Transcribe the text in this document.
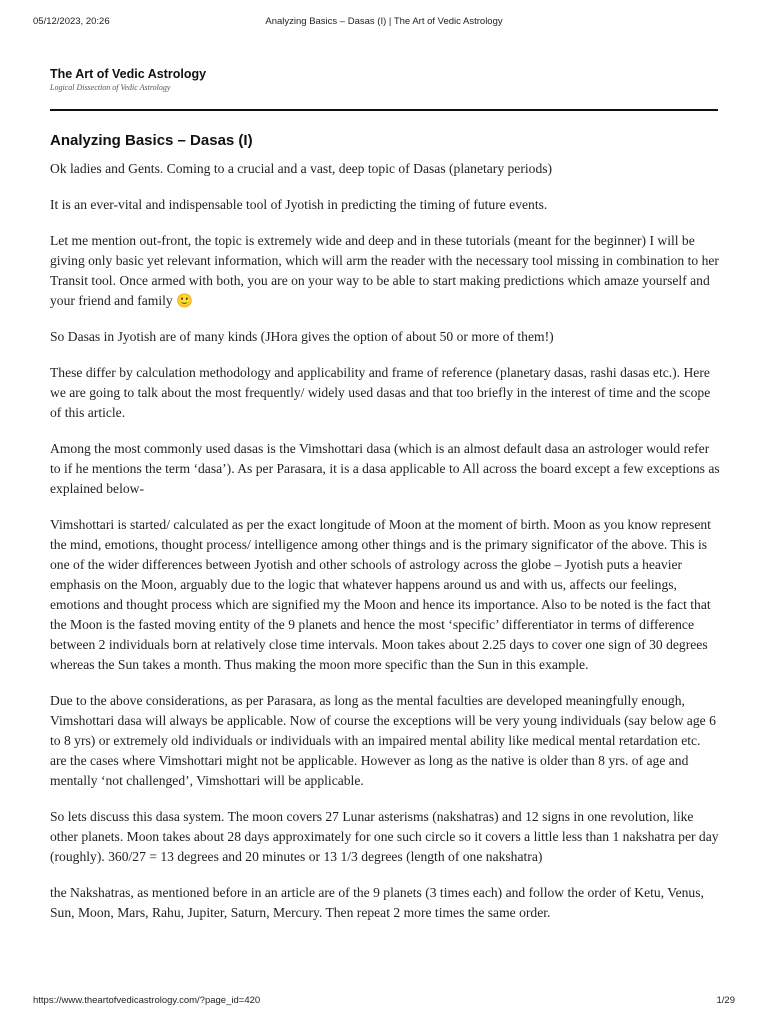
05/12/2023, 20:26	Analyzing Basics – Dasas (I) | The Art of Vedic Astrology
The Art of Vedic Astrology
Logical Dissection of Vedic Astrology
Analyzing Basics – Dasas (I)

Ok ladies and Gents. Coming to a crucial and a vast, deep topic of Dasas (planetary periods)

It is an ever-vital and indispensable tool of Jyotish in predicting the timing of future events.

Let me mention out-front, the topic is extremely wide and deep and in these tutorials (meant for the beginner) I will be giving only basic yet relevant information, which will arm the reader with the necessary tool missing in combination to her Transit tool. Once armed with both, you are on your way to be able to start making predictions which amaze yourself and your friend and family 🙂

So Dasas in Jyotish are of many kinds (JHora gives the option of about 50 or more of them!)

These differ by calculation methodology and applicability and frame of reference (planetary dasas, rashi dasas etc.). Here we are going to talk about the most frequently/ widely used dasas and that too briefly in the interest of time and the scope of this article.

Among the most commonly used dasas is the Vimshottari dasa (which is an almost default dasa an astrologer would refer to if he mentions the term ‘dasa’). As per Parasara, it is a dasa applicable to All across the board except a few exceptions as explained below-

Vimshottari is started/ calculated as per the exact longitude of Moon at the moment of birth. Moon as you know represent the mind, emotions, thought process/ intelligence among other things and is the primary significator of the above. This is one of the wider differences between Jyotish and other schools of astrology across the globe – Jyotish puts a heavier emphasis on the Moon, arguably due to the logic that whatever happens around us and with us, affects our feelings, emotions and thought process which are signified my the Moon and hence its importance. Also to be noted is the fact that the Moon is the fasted moving entity of the 9 planets and hence the most ‘specific’ differentiator in terms of difference between 2 individuals born at relatively close time intervals. Moon takes about 2.25 days to cover one sign of 30 degrees whereas the Sun takes a month. Thus making the moon more specific than the Sun in this example.

Due to the above considerations, as per Parasara, as long as the mental faculties are developed meaningfully enough, Vimshottari dasa will always be applicable. Now of course the exceptions will be very young individuals (say below age 6 to 8 yrs) or extremely old individuals or individuals with an impaired mental ability like medical mental retardation etc. are the cases where Vimshottari might not be applicable. However as long as the native is older than 8 yrs. of age and mentally ‘not challenged’, Vimshottari will be applicable.

So lets discuss this dasa system. The moon covers 27 Lunar asterisms (nakshatras) and 12 signs in one revolution, like other planets. Moon takes about 28 days approximately for one such circle so it covers a little less than 1 nakshatra per day (roughly). 360/27 = 13 degrees and 20 minutes or 13 1/3 degrees (length of one nakshatra)

the Nakshatras, as mentioned before in an article are of the 9 planets (3 times each) and follow the order of Ketu, Venus, Sun, Moon, Mars, Rahu, Jupiter, Saturn, Mercury. Then repeat 2 more times the same order.

https://www.theartofvedicastrology.com/?page_id=420	1/29
